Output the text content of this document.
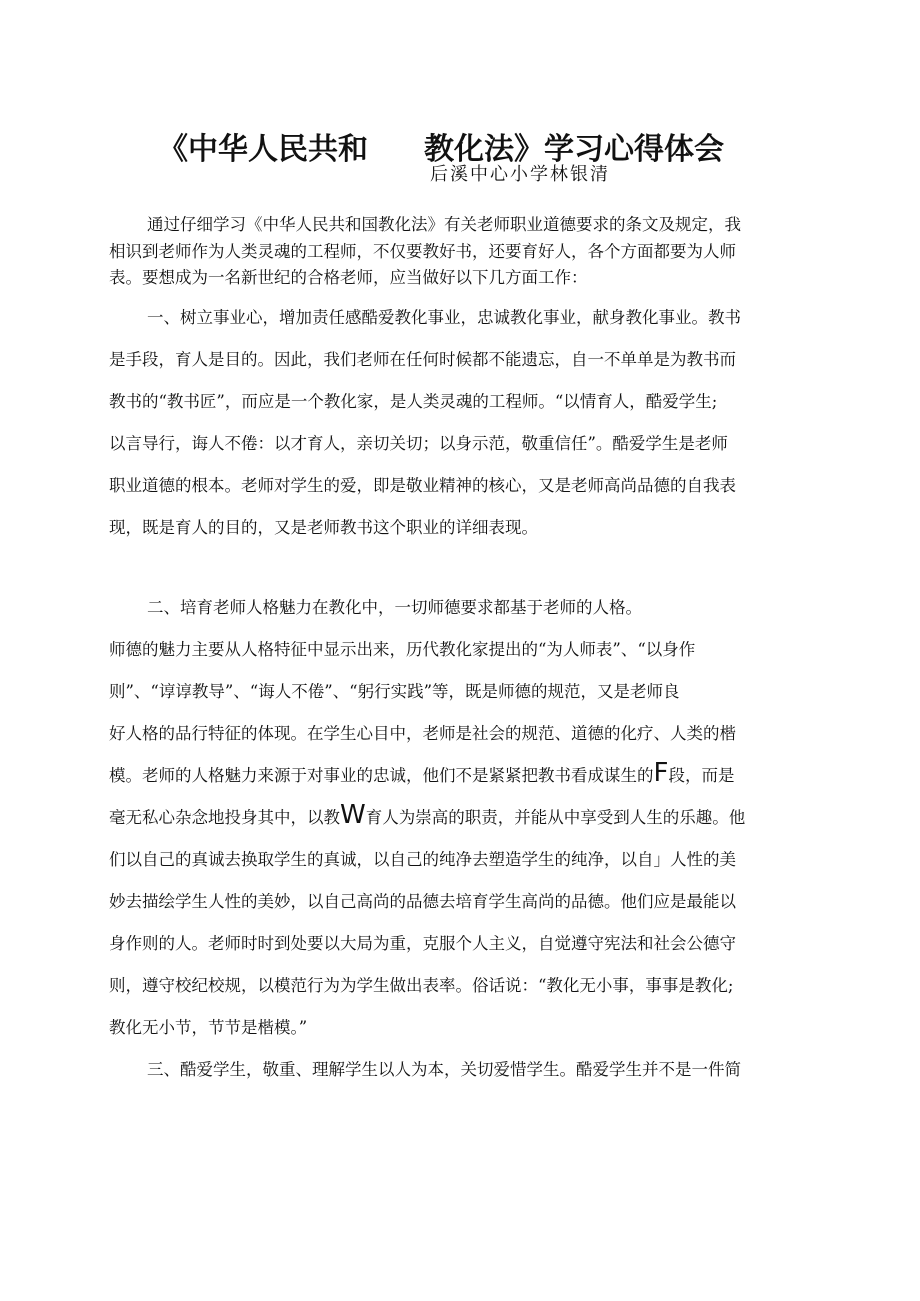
《中华人民共和 教化法》学习心得体会
后溪中心小学林银清
通过仔细学习《中华人民共和国教化法》有关老师职业道德要求的条文及规定，我
相识到老师作为人类灵魂的工程师，不仅要教好书，还要育好人，各个方面都要为人师
表。要想成为一名新世纪的合格老师，应当做好以下几方面工作：
一、树立事业心，增加责任感酷爱教化事业，忠诚教化事业，献身教化事业。教书
是手段，育人是目的。因此，我们老师在任何时候都不能遗忘，自一不单单是为教书而
教书的“教书匠”，而应是一个教化家，是人类灵魂的工程师。“以情育人，酷爱学生;
以言导行，诲人不倦：以才育人，亲切关切；以身示范，敬重信任”。酷爱学生是老师
职业道德的根本。老师对学生的爱，即是敬业精神的核心，又是老师高尚品德的自我表
现，既是育人的目的，又是老师教书这个职业的详细表现。
二、培育老师人格魅力在教化中，一切师德要求都基于老师的人格。
师德的魅力主要从人格特征中显示出来，历代教化家提出的“为人师表”、“以身作
则”、“谆谆教导”、“诲人不倦”、“躬行实践”等，既是师德的规范，又是老师良
好人格的品行特征的体现。在学生心目中，老师是社会的规范、道德的化疗、人类的楷
模。老师的人格魅力来源于对事业的忠诚，他们不是紧紧把教书看成谋生的F段，而是
毫无私心杂念地投身其中，以教W育人为崇高的职责，并能从中享受到人生的乐趣。他
们以自己的真诚去换取学生的真诚，以自己的纯净去塑造学生的纯净，以自」人性的美
妙去描绘学生人性的美妙，以自己高尚的品德去培育学生高尚的品德。他们应是最能以
身作则的人。老师时时到处要以大局为重，克服个人主义，自觉遵守宪法和社会公德守
则，遵守校纪校规，以模范行为为学生做出表率。俗话说：“教化无小事，事事是教化;
教化无小节，节节是楷模。”
三、酷爱学生，敬重、理解学生以人为本，关切爱惜学生。酷爱学生并不是一件简
